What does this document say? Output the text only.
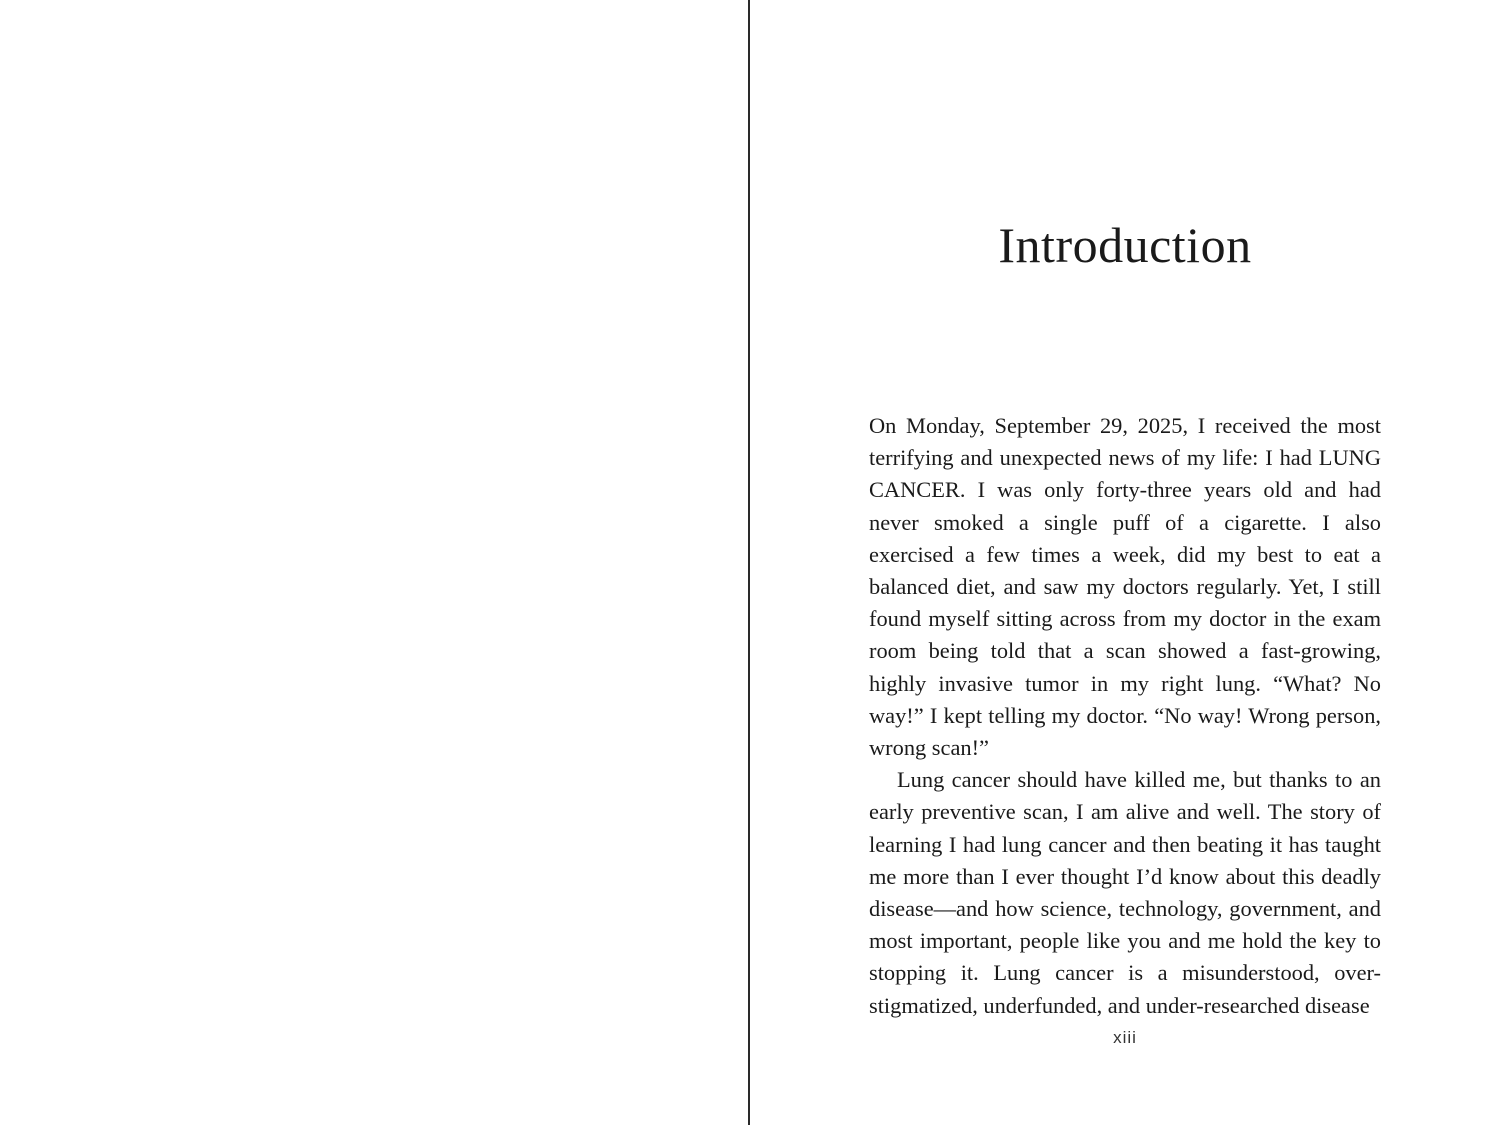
Introduction

On Monday, September 29, 2025, I received the most terrifying and unexpected news of my life: I had LUNG CANCER. I was only forty-three years old and had never smoked a single puff of a cigarette. I also exercised a few times a week, did my best to eat a balanced diet, and saw my doctors regularly. Yet, I still found myself sitting across from my doctor in the exam room being told that a scan showed a fast-growing, highly invasive tumor in my right lung. “What? No way!” I kept telling my doctor. “No way! Wrong person, wrong scan!”

Lung cancer should have killed me, but thanks to an early preventive scan, I am alive and well. The story of learning I had lung cancer and then beating it has taught me more than I ever thought I’d know about this deadly disease—and how science, technology, government, and most important, people like you and me hold the key to stopping it. Lung cancer is a misunderstood, over-stigmatized, underfunded, and under-researched disease

xiii
